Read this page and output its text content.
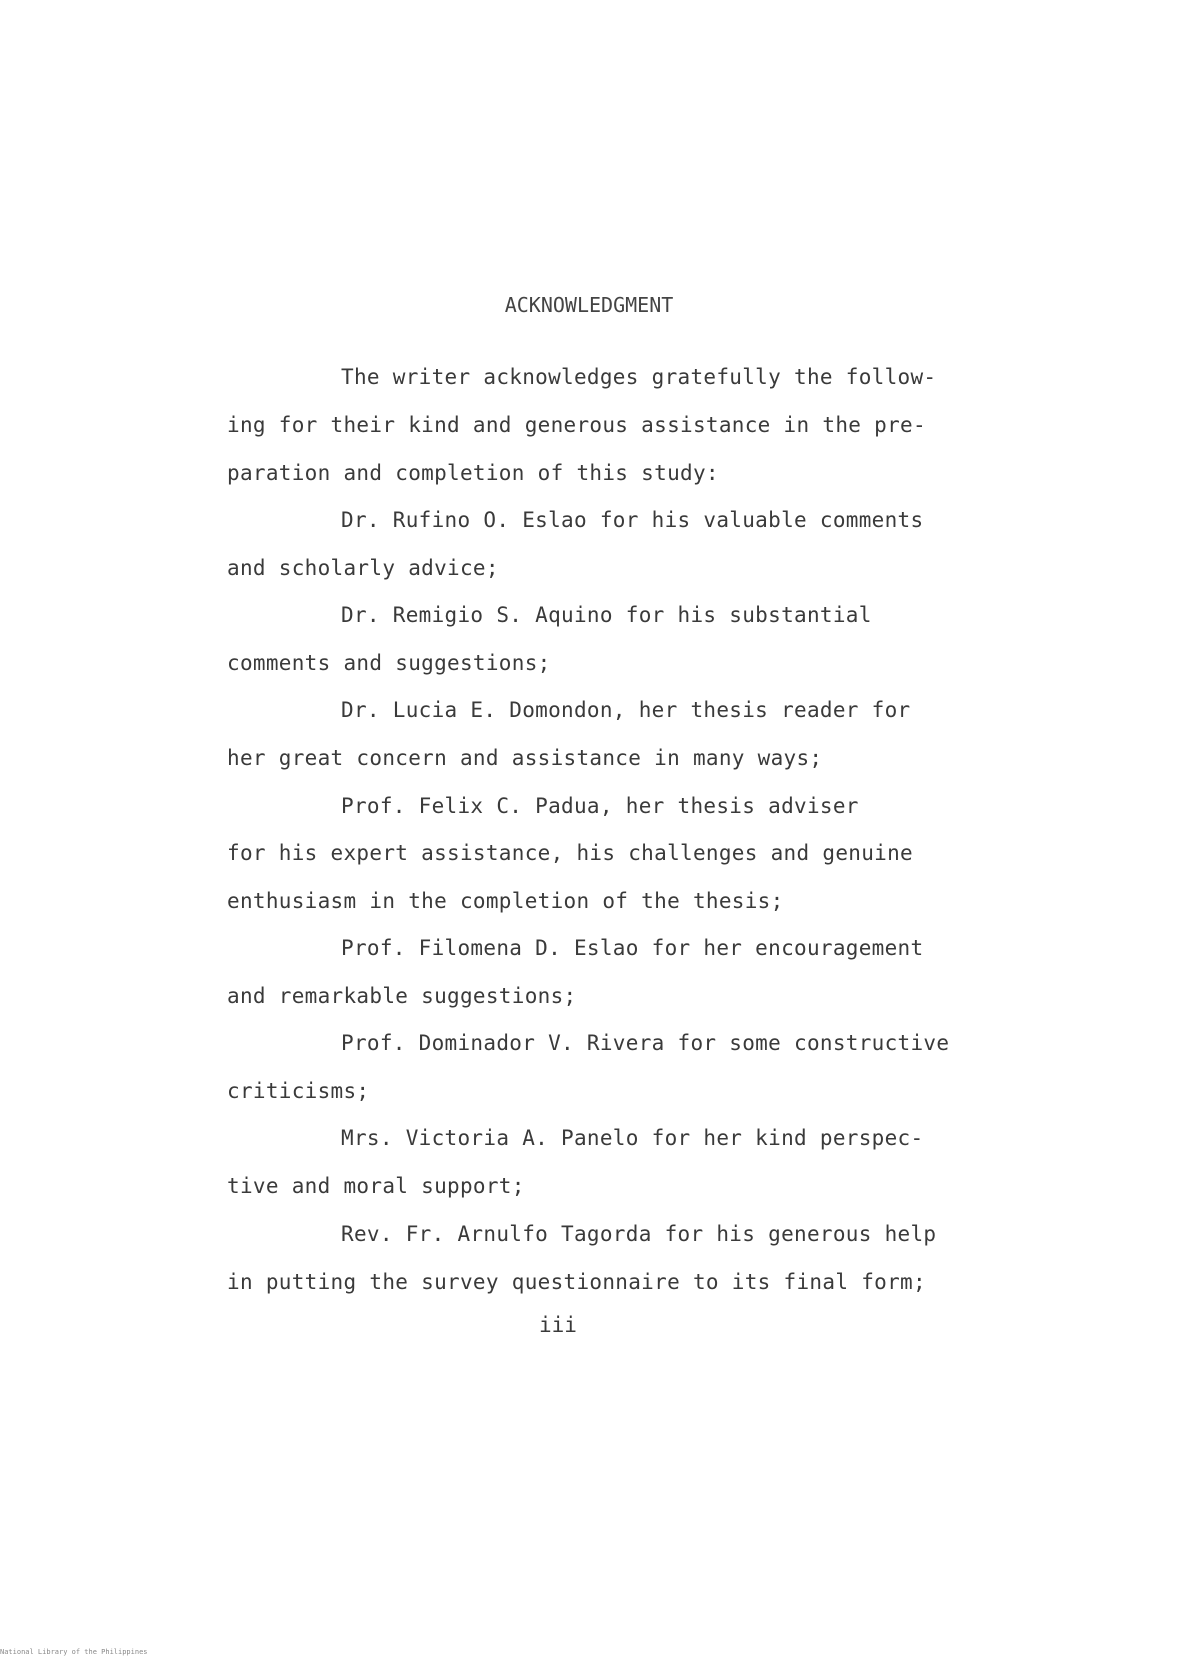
ACKNOWLEDGMENT
The writer acknowledges gratefully the follow-
ing for their kind and generous assistance in the pre-
paration and completion of this study:
Dr. Rufino O. Eslao for his valuable comments
and scholarly advice;
Dr. Remigio S. Aquino for his substantial
comments and suggestions;
Dr. Lucia E. Domondon, her thesis reader for
her great concern and assistance in many ways;
Prof. Felix C. Padua, her thesis adviser
for his expert assistance, his challenges and genuine
enthusiasm in the completion of the thesis;
Prof. Filomena D. Eslao for her encouragement
and remarkable suggestions;
Prof. Dominador V. Rivera for some constructive
criticisms;
Mrs. Victoria A. Panelo for her kind perspec-
tive and moral support;
Rev. Fr. Arnulfo Tagorda for his generous help
in putting the survey questionnaire to its final form;
iii
National Library of the Philippines
